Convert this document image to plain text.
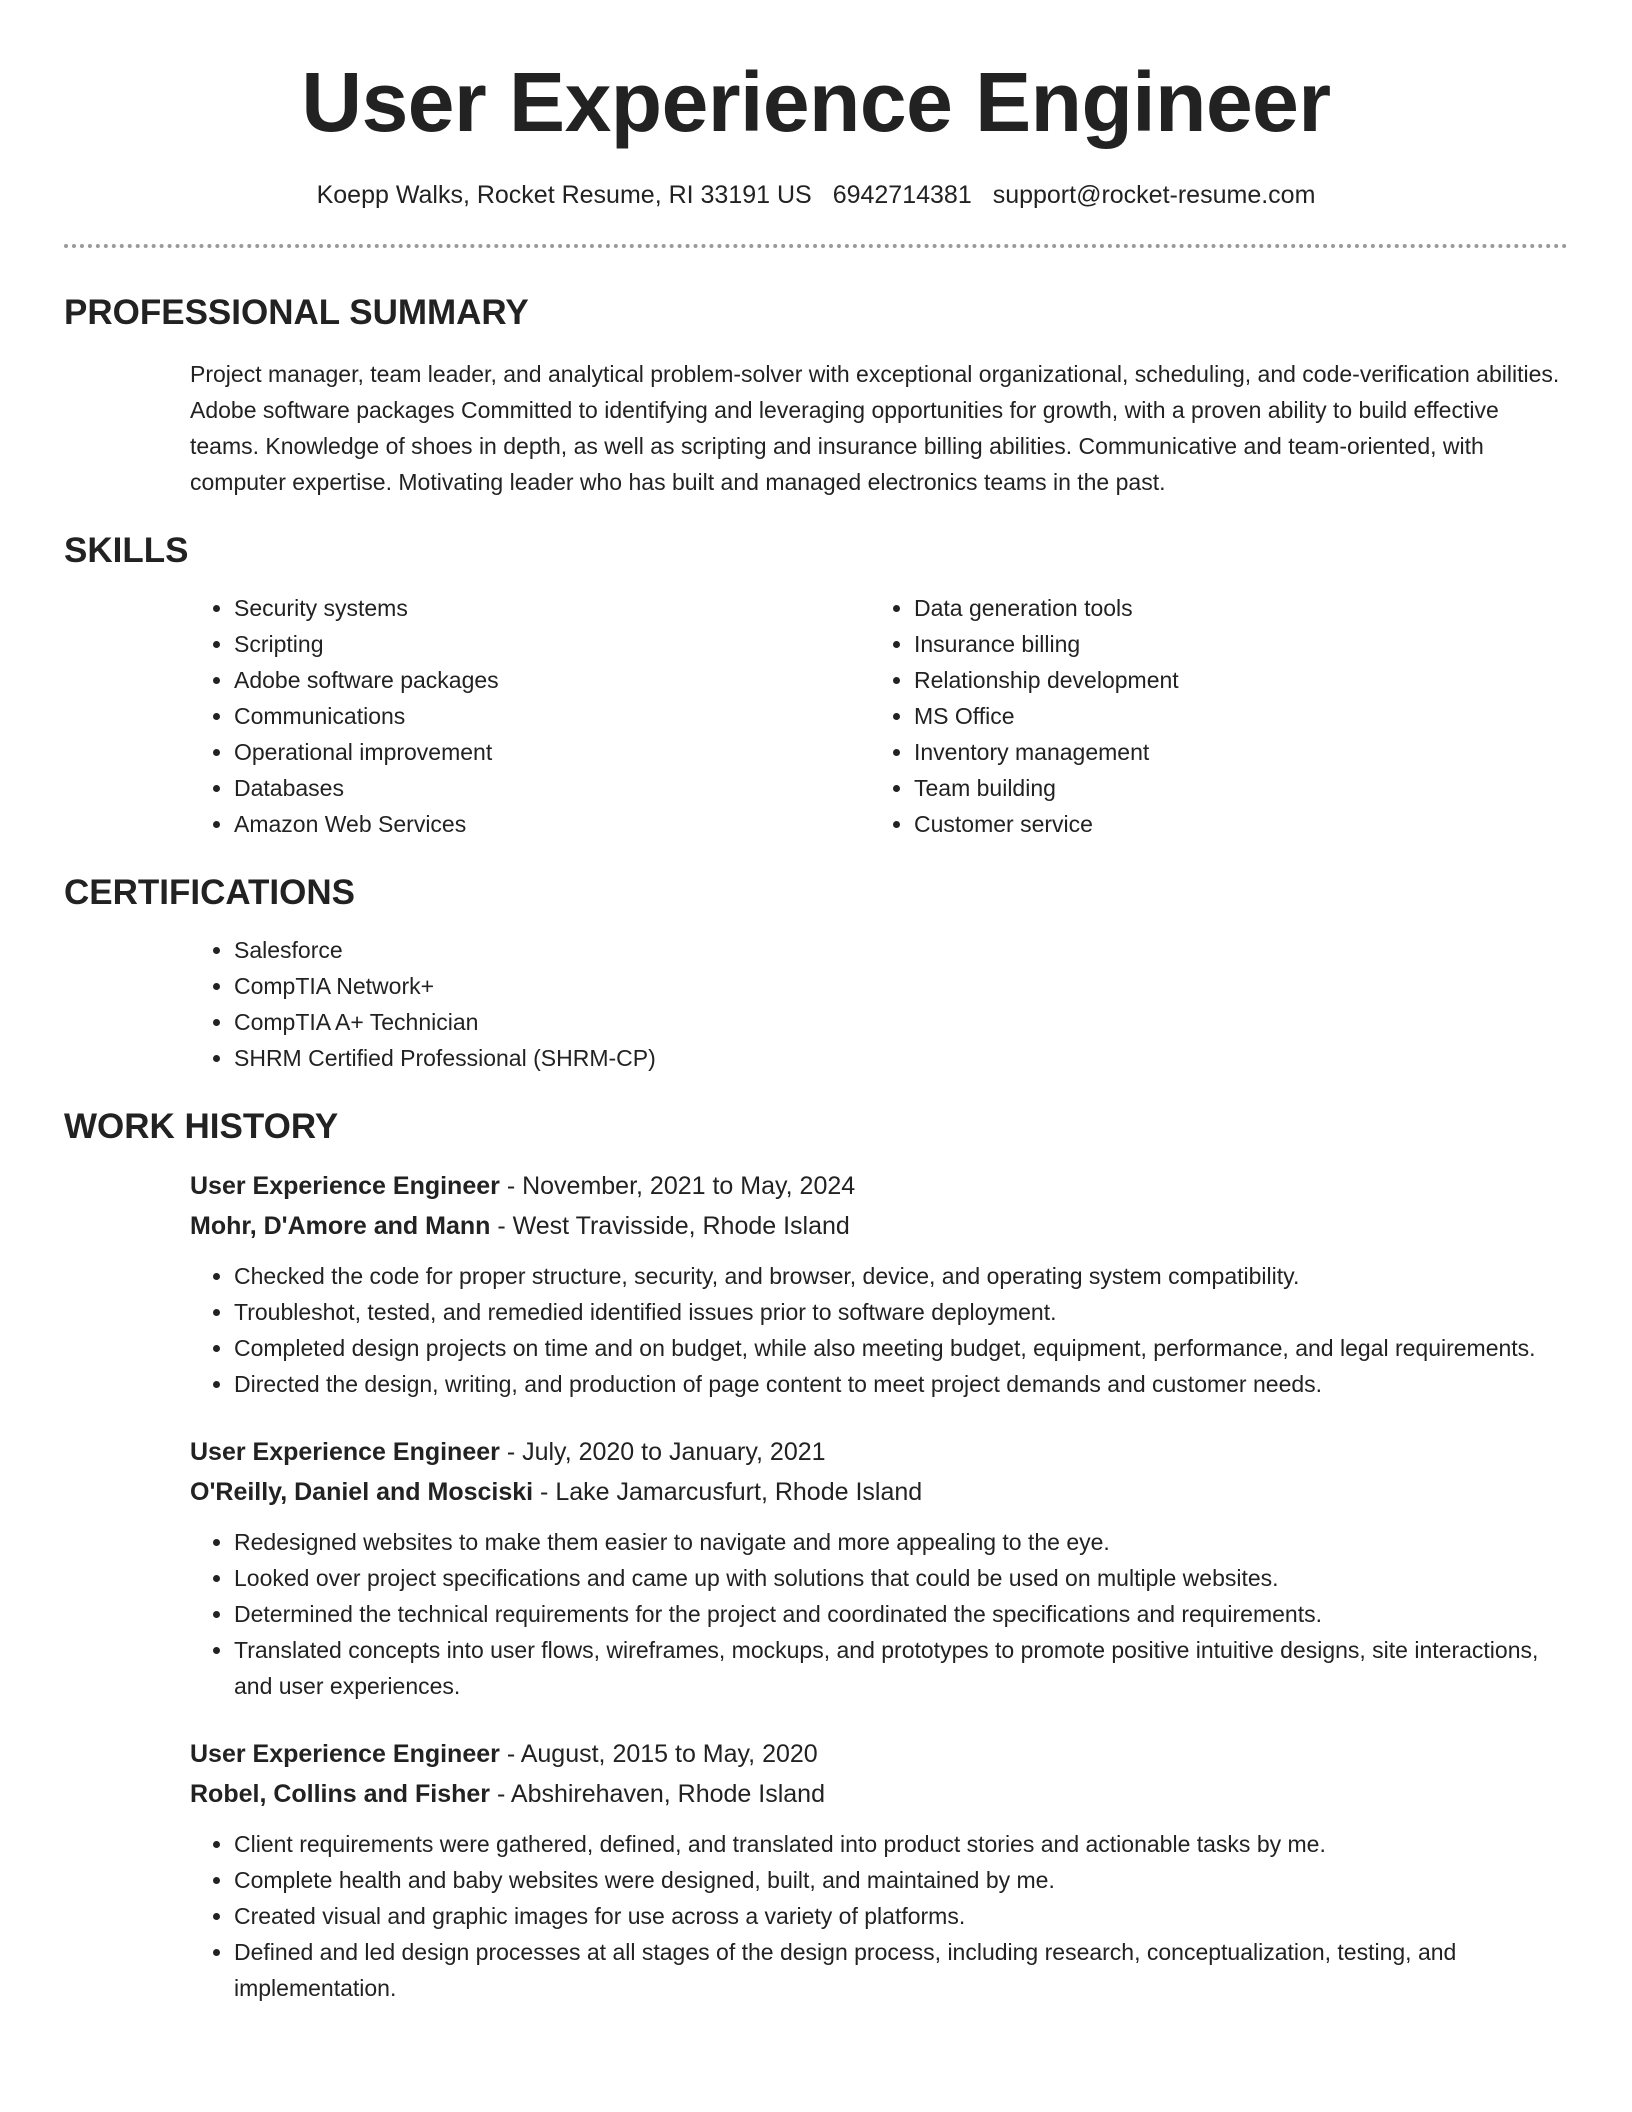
User Experience Engineer
Koepp Walks, Rocket Resume, RI 33191 US 6942714381 support@rocket-resume.com
PROFESSIONAL SUMMARY

Project manager, team leader, and analytical problem-solver with exceptional organizational, scheduling, and code-verification abilities. Adobe software packages Committed to identifying and leveraging opportunities for growth, with a proven ability to build effective teams. Knowledge of shoes in depth, as well as scripting and insurance billing abilities. Communicative and team-oriented, with computer expertise. Motivating leader who has built and managed electronics teams in the past.

SKILLS
• Security systems
• Scripting
• Adobe software packages
• Communications
• Operational improvement
• Databases
• Amazon Web Services
• Data generation tools
• Insurance billing
• Relationship development
• MS Office
• Inventory management
• Team building
• Customer service
CERTIFICATIONS
• Salesforce
• CompTIA Network+
• CompTIA A+ Technician
• SHRM Certified Professional (SHRM-CP)
WORK HISTORY
User Experience Engineer - November, 2021 to May, 2024
Mohr, D'Amore and Mann - West Travisside, Rhode Island
• Checked the code for proper structure, security, and browser, device, and operating system compatibility.
• Troubleshot, tested, and remedied identified issues prior to software deployment.
• Completed design projects on time and on budget, while also meeting budget, equipment, performance, and legal requirements.
• Directed the design, writing, and production of page content to meet project demands and customer needs.
User Experience Engineer - July, 2020 to January, 2021
O'Reilly, Daniel and Mosciski - Lake Jamarcusfurt, Rhode Island
• Redesigned websites to make them easier to navigate and more appealing to the eye.
• Looked over project specifications and came up with solutions that could be used on multiple websites.
• Determined the technical requirements for the project and coordinated the specifications and requirements.
• Translated concepts into user flows, wireframes, mockups, and prototypes to promote positive intuitive designs, site interactions, and user experiences.
User Experience Engineer - August, 2015 to May, 2020
Robel, Collins and Fisher - Abshirehaven, Rhode Island
• Client requirements were gathered, defined, and translated into product stories and actionable tasks by me.
• Complete health and baby websites were designed, built, and maintained by me.
• Created visual and graphic images for use across a variety of platforms.
• Defined and led design processes at all stages of the design process, including research, conceptualization, testing, and implementation.
